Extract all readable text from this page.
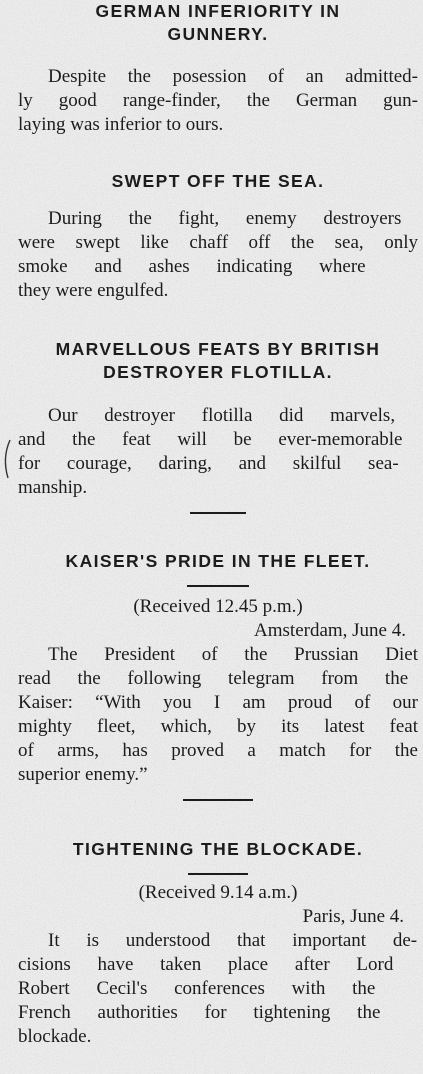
GERMAN INFERIORITY IN
GUNNERY.
Despite the posession of an admitted-
ly good range-finder, the German gun-
laying was inferior to ours.
SWEPT OFF THE SEA.
During the fight, enemy destroyers
were swept like chaff off the sea, only
smoke and ashes indicating where
they were engulfed.
MARVELLOUS FEATS BY BRITISH
DESTROYER FLOTILLA.
Our destroyer flotilla did marvels,
and the feat will be ever-memorable
for courage, daring, and skilful sea-
manship.
KAISER'S PRIDE IN THE FLEET.
(Received 12.45 p.m.)
Amsterdam, June 4.
The President of the Prussian Diet
read the following telegram from the
Kaiser: “With you I am proud of our
mighty fleet, which, by its latest feat
of arms, has proved a match for the
superior enemy.”
TIGHTENING THE BLOCKADE.
(Received 9.14 a.m.)
Paris, June 4.
It is understood that important de-
cisions have taken place after Lord
Robert Cecil's conferences with the
French authorities for tightening the
blockade.
